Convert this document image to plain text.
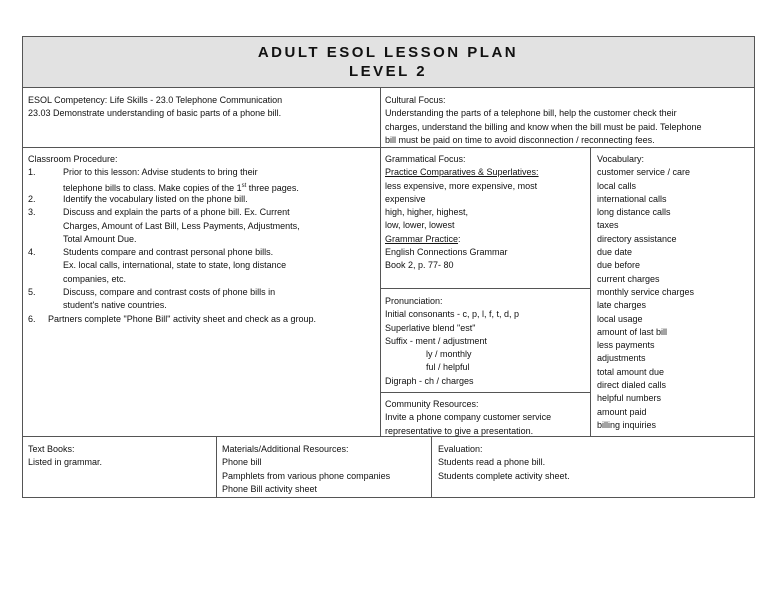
ADULT ESOL LESSON PLAN
LEVEL 2
ESOL Competency: Life Skills - 23.0 Telephone Communication
23.03 Demonstrate understanding of basic parts of a phone bill.
Cultural Focus:
Understanding the parts of a telephone bill, help the customer check their
charges, understand the billing and know when the bill must be paid. Telephone
bill must be paid on time to avoid disconnection / reconnecting fees.
Classroom Procedure:
1.	Prior to this lesson: Advise students to bring their
telephone bills to class. Make copies of the 1st three pages.
2.	Identify the vocabulary listed on the phone bill.
3.	Discuss and explain the parts of a phone bill. Ex. Current
Charges, Amount of Last Bill, Less Payments, Adjustments,
Total Amount Due.
4.	Students compare and contrast personal phone bills.
Ex. local calls, international, state to state, long distance
companies, etc.
5.	Discuss, compare and contrast costs of phone bills in
student's native countries.
6. Partners complete "Phone Bill" activity sheet and check as a group.
Grammatical Focus:
Practice Comparatives & Superlatives:
less expensive, more expensive, most
expensive
high, higher, highest,
low, lower, lowest
Grammar Practice:
English Connections Grammar
Book 2, p. 77- 80
Pronunciation:
Initial consonants - c, p, l, f, t, d, p
Superlative blend "est"
Suffix - ment / adjustment
ly / monthly
ful / helpful
Digraph - ch / charges
Community Resources:
Invite a phone company customer service
representative to give a presentation.
Vocabulary:
customer service / care
local calls
international calls
long distance calls
taxes
directory assistance
due date
due before
current charges
monthly service charges
late charges
local usage
amount of last bill
less payments
adjustments
total amount due
direct dialed calls
helpful numbers
amount paid
billing inquiries
Text Books:
Listed in grammar.
Materials/Additional Resources:
Phone bill
Pamphlets from various phone companies
Phone Bill activity sheet
Evaluation:
Students read a phone bill.
Students complete activity sheet.
